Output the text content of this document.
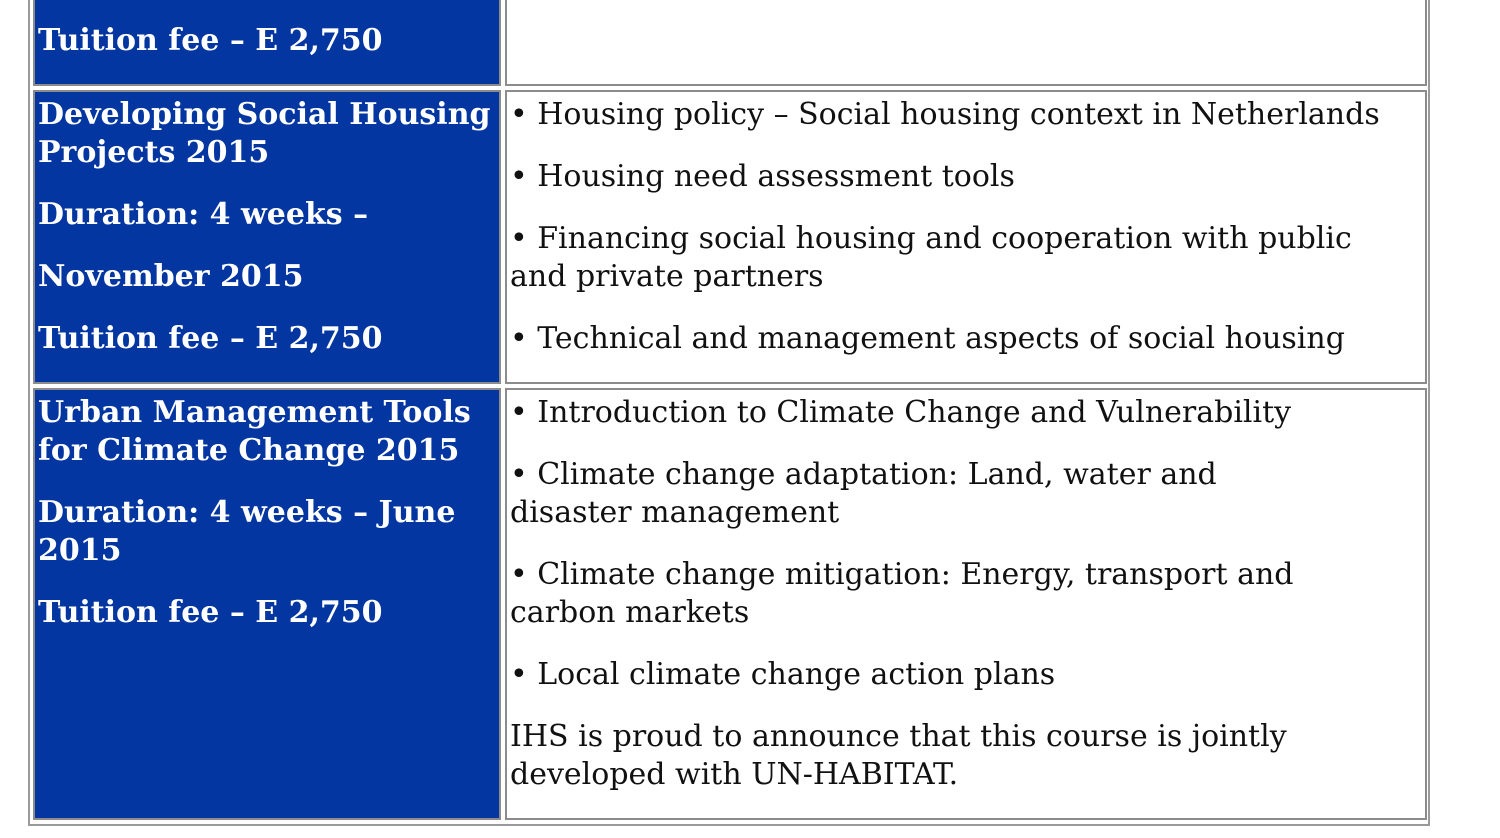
Tuition fee – E 2,750
Developing Social Housing Projects 2015
Duration: 4 weeks –
November 2015
Tuition fee – E 2,750
• Housing policy – Social housing context in Netherlands
• Housing need assessment tools
• Financing social housing and cooperation with public and private partners
• Technical and management aspects of social housing
Urban Management Tools for Climate Change 2015
Duration: 4 weeks – June 2015
Tuition fee – E 2,750
• Introduction to Climate Change and Vulnerability
• Climate change adaptation: Land, water and disaster management
• Climate change mitigation: Energy, transport and carbon markets
• Local climate change action plans
IHS is proud to announce that this course is jointly developed with UN-HABITAT.
